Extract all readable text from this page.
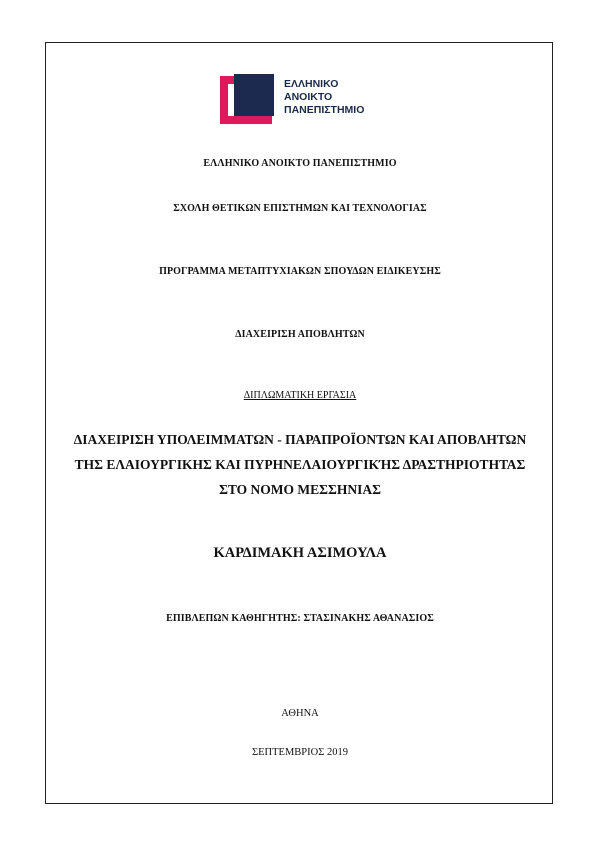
ΕΛΛΗΝΙΚΟ
ΑΝΟΙΚΤΟ
ΠΑΝΕΠΙΣΤΗΜΙΟ
ΕΛΛΗΝΙΚΟ ΑΝΟΙΚΤΟ ΠΑΝΕΠΙΣΤΗΜΙΟ
ΣΧΟΛΗ ΘΕΤΙΚΩΝ ΕΠΙΣΤΗΜΩΝ ΚΑΙ ΤΕΧΝΟΛΟΓΙΑΣ
ΠΡΟΓΡΑΜΜΑ ΜΕΤΑΠΤΥΧΙΑΚΩΝ ΣΠΟΥΔΩΝ ΕΙΔΙΚΕΥΣΗΣ
ΔΙΑΧΕΙΡΙΣΗ ΑΠΟΒΛΗΤΩΝ
ΔΙΠΛΩΜΑΤΙΚΗ ΕΡΓΑΣΙΑ
ΔΙΑΧΕΙΡΙΣΗ ΥΠΟΛΕΙΜΜΑΤΩΝ - ΠΑΡΑΠΡΟΪΟΝΤΩΝ ΚΑΙ ΑΠΟΒΛΗΤΩΝ
ΤΗΣ ΕΛΑΙΟΥΡΓΙΚΗΣ ΚΑΙ ΠΥΡΗΝΕΛΑΙΟΥΡΓΙΚΉΣ ΔΡΑΣΤΗΡΙΟΤΗΤΑΣ
ΣΤΟ ΝΟΜΟ ΜΕΣΣΗΝΙΑΣ
ΚΑΡΔΙΜΑΚΗ ΑΣΙΜΟΥΛΑ
ΕΠΙΒΛΕΠΩΝ ΚΑΘΗΓΗΤΗΣ: ΣΤΑΣΙΝΑΚΗΣ ΑΘΑΝΑΣΙΟΣ
ΑΘΗΝΑ
ΣΕΠΤΕΜΒΡΙΟΣ 2019
